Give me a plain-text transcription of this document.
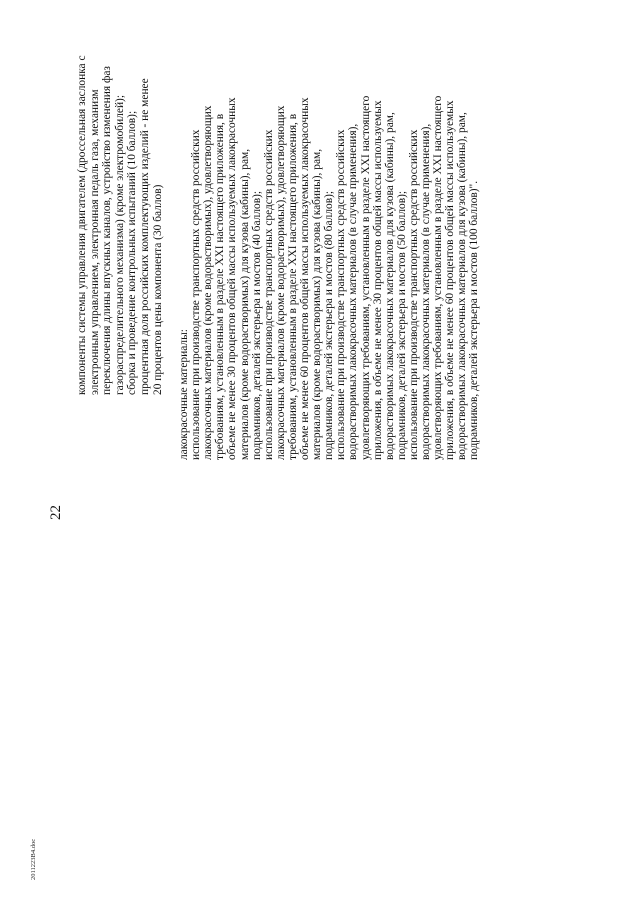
22
компоненты системы управления двигателем (дроссельная заслонка с электронным управлением, электронная педаль газа, механизм переключения длины впускных каналов, устройство изменения фаз газораспределительного механизма) (кроме электромобилей); сборка и проведение контрольных испытаний (10 баллов); процентная доля российских комплектующих изделий - не менее 20 процентов цены компонента (30 баллов) лакокрасочные материалы: использование при производстве транспортных средств российских лакокрасочных материалов (кроме водорастворимых), удовлетворяющих требованиям, установленным в разделе XXI настоящего приложения, в объеме не менее 30 процентов общей массы используемых лакокрасочных материалов (кроме водорастворимых) для кузова (кабины), рам, подрамников, деталей экстерьера и мостов (40 баллов); использование при производстве транспортных средств российских лакокрасочных материалов (кроме водорастворимых), удовлетворяющих требованиям, установленным в разделе XXI настоящего приложения, в объеме не менее 60 процентов общей массы используемых лакокрасочных материалов (кроме водорастворимых) для кузова (кабины), рам, подрамников, деталей экстерьера и мостов (80 баллов); использование при производстве транспортных средств российских водорастворимых лакокрасочных материалов (в случае применения), удовлетворяющих требованиям, установленным в разделе XXI настоящего приложения, в объеме не менее 30 процентов общей массы используемых водорастворимых лакокрасочных материалов для кузова (кабины), рам, подрамников, деталей экстерьера и мостов (50 баллов); использование при производстве транспортных средств российских водорастворимых лакокрасочных материалов (в случае применения), удовлетворяющих требованиям, установленным в разделе XXI настоящего приложения, в объеме не менее 60 процентов общей массы используемых водорастворимых лакокрасочных материалов для кузова (кабины), рам, подрамников, деталей экстерьера и мостов (100 баллов)".
2011223В4.doc
